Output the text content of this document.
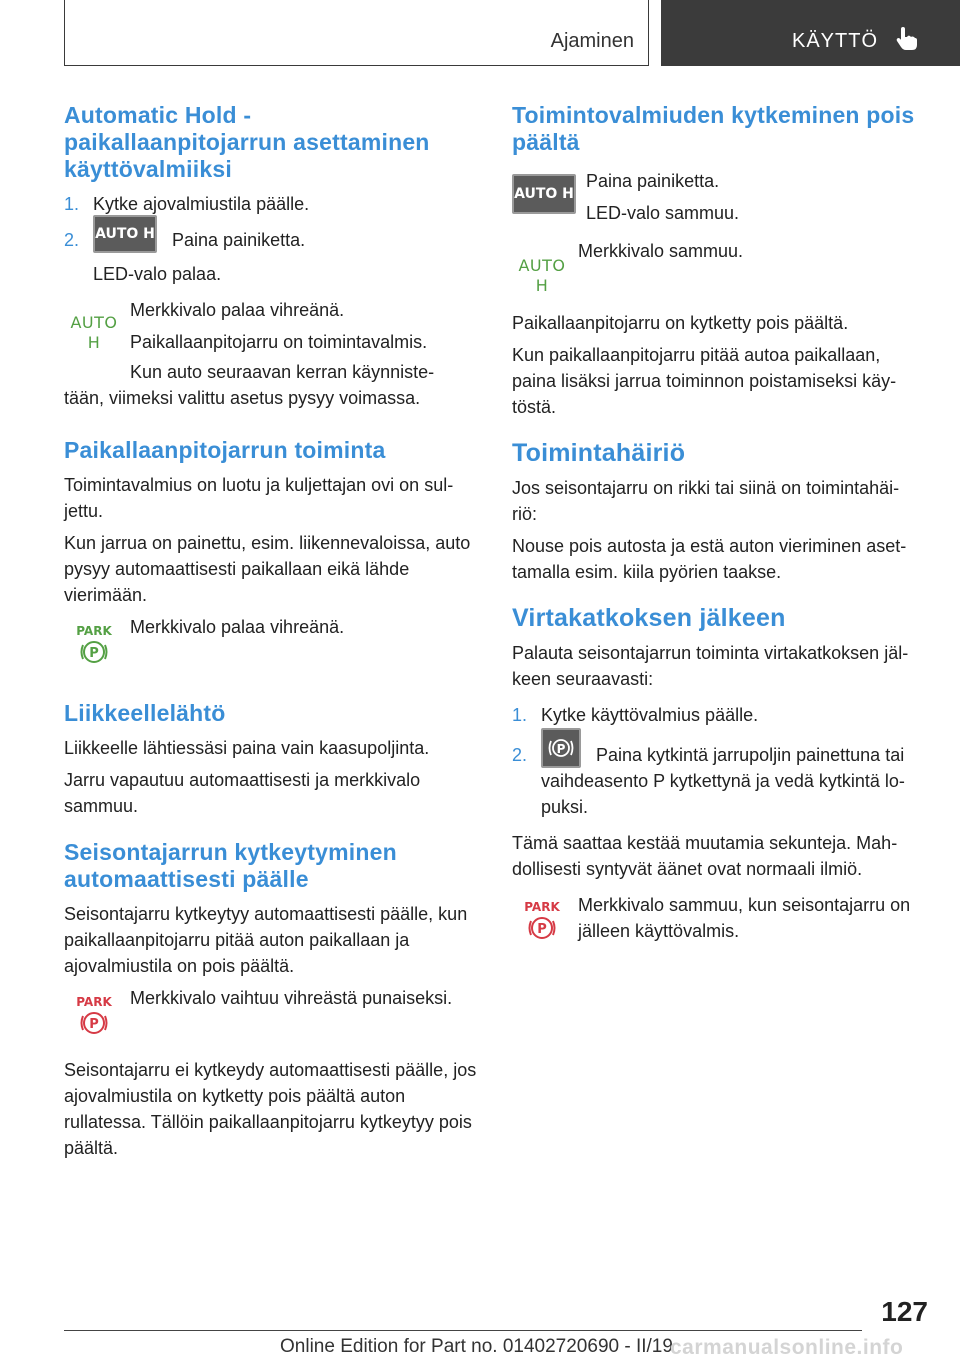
Ajaminen	KÄYTTÖ
Automatic Hold - paikallaanpitojarrun asettaminen käyttövalmiiksi
1. Kytke ajovalmiustila päälle.
2. AUTO H Paina painiketta.
LED-valo palaa.
AUTO H

Merkkivalo palaa vihreänä.

Paikallaanpitojarru on toimintavalmis.

Kun auto seuraavan kerran käynniste‐ tään, viimeksi valittu asetus pysyy voimassa.

Paikallaanpitojarrun toiminta

Toimintavalmius on luotu ja kuljettajan ovi on sul‐ jettu.

Kun jarrua on painettu, esim. liikennevaloissa, auto pysyy automaattisesti paikallaan eikä lähde vierimään.

PARK
P

Merkkivalo palaa vihreänä.

Liikkeellelähtö

Liikkeelle lähtiessäsi paina vain kaasupoljinta.

Jarru vapautuu automaattisesti ja merkkivalo sammuu.

Seisontajarrun kytkeytyminen automaattisesti päälle

Seisontajarru kytkeytyy automaattisesti päälle, kun paikallaanpitojarru pitää auton paikallaan ja ajovalmiustila on pois päältä.

PARK
P

Merkkivalo vaihtuu vihreästä punaiseksi.

Seisontajarru ei kytkeydy automaattisesti päälle, jos ajovalmiustila on kytketty pois päältä auton rullatessa. Tällöin paikallaanpitojarru kytkeytyy pois päältä.

Toimintovalmiuden kytkeminen pois päältä
AUTO H

Paina painiketta.

LED-valo sammuu.

AUTO H

Merkkivalo sammuu.

Paikallaanpitojarru on kytketty pois päältä.

Kun paikallaanpitojarru pitää autoa paikallaan, paina lisäksi jarrua toiminnon poistamiseksi käy‐ töstä.

Toimintahäiriö

Jos seisontajarru on rikki tai siinä on toimintahäi‐ riö:

Nouse pois autosta ja estä auton vieriminen aset‐ tamalla esim. kiila pyörien taakse.

Virtakatkoksen jälkeen

Palauta seisontajarrun toiminta virtakatkoksen jäl‐ keen seuraavasti:

1. Kytke käyttövalmius päälle.
2. P Paina kytkintä jarrupoljin painettuna tai vaihdeasento P kytkettynä ja vedä kytkintä lo‐ puksi.

Tämä saattaa kestää muutamia sekunteja. Mah‐ dollisesti syntyvät äänet ovat normaali ilmiö.

PARK
P

Merkkivalo sammuu, kun seisontajarru on jälleen käyttövalmis.

127
Online Edition for Part no. 01402720690 - II/19
carmanualsonline.info
